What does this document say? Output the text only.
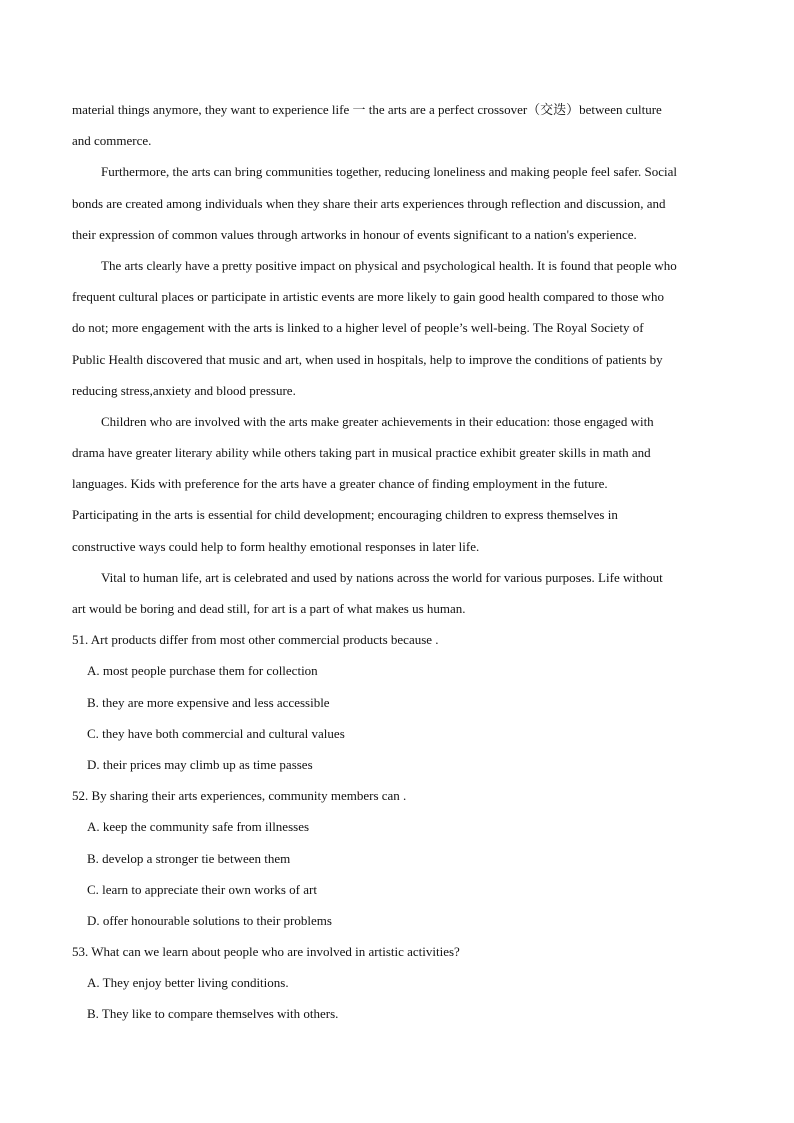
material things anymore, they want to experience life 一 the arts are a perfect crossover（交迭）between culture
and commerce.
Furthermore, the arts can bring communities together, reducing loneliness and making people feel safer. Social
bonds are created among individuals when they share their arts experiences through reflection and discussion, and
their expression of common values through artworks in honour of events significant to a nation's experience.
The arts clearly have a pretty positive impact on physical and psychological health. It is found that people who
frequent cultural places or participate in artistic events are more likely to gain good health compared to those who
do not; more engagement with the arts is linked to a higher level of people’s well-being. The Royal Society of
Public Health discovered that music and art, when used in hospitals, help to improve the conditions of patients by
reducing stress,anxiety and blood pressure.
Children who are involved with the arts make greater achievements in their education: those engaged with
drama have greater literary ability while others taking part in musical practice exhibit greater skills in math and
languages. Kids with preference for the arts have a greater chance of finding employment in the future.
Participating in the arts is essential for child development; encouraging children to express themselves in
constructive ways could help to form healthy emotional responses in later life.
Vital to human life, art is celebrated and used by nations across the world for various purposes. Life without
art would be boring and dead still, for art is a part of what makes us human.
51. Art products differ from most other commercial products because .
A. most people purchase them for collection
B. they are more expensive and less accessible
C. they have both commercial and cultural values
D. their prices may climb up as time passes
52. By sharing their arts experiences, community members can .
A. keep the community safe from illnesses
B. develop a stronger tie between them
C. learn to appreciate their own works of art
D. offer honourable solutions to their problems
53. What can we learn about people who are involved in artistic activities?
A. They enjoy better living conditions.
B. They like to compare themselves with others.
